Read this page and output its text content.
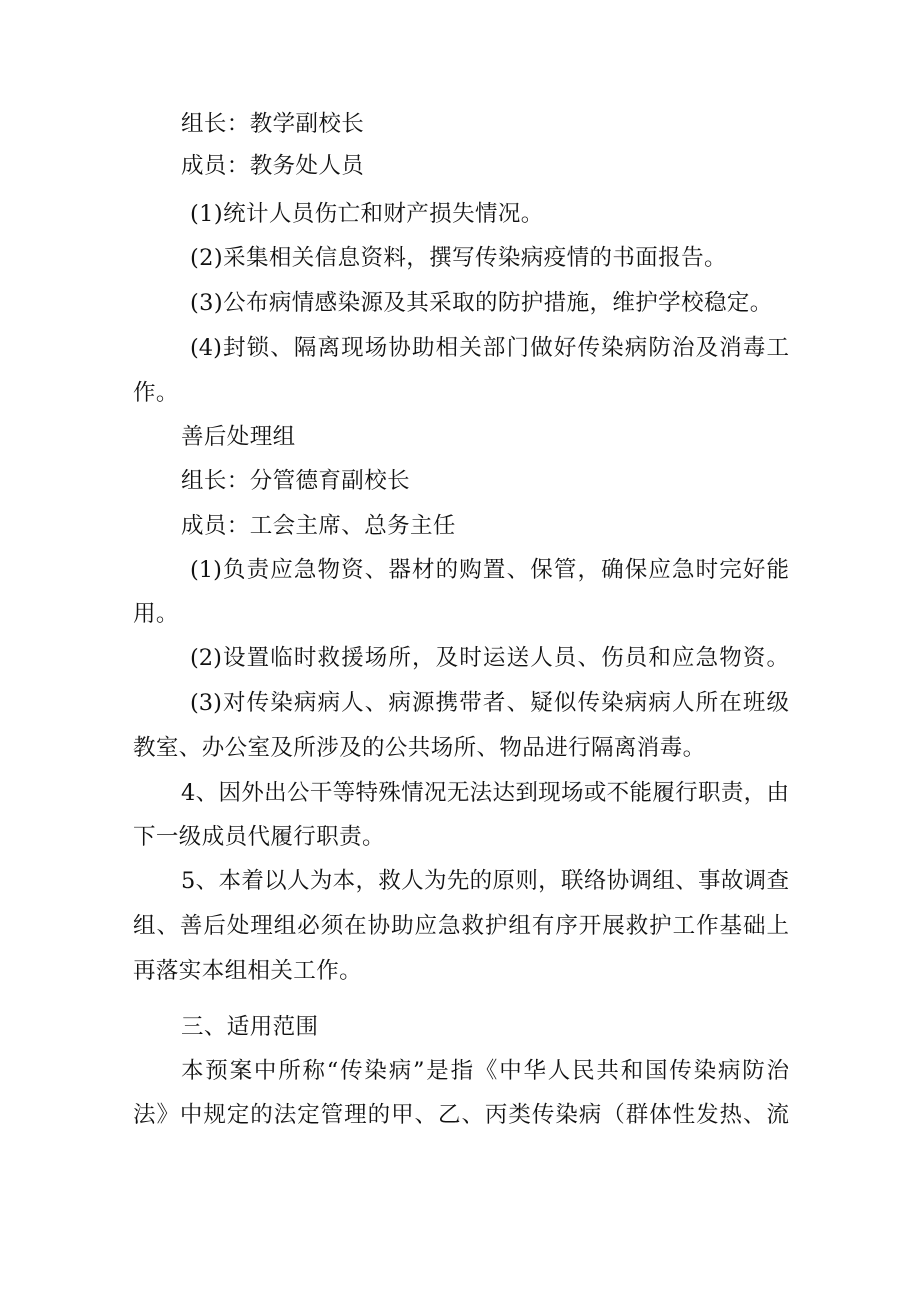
组长：教学副校长
成员：教务处人员
(1)统计人员伤亡和财产损失情况。
(2)采集相关信息资料，撰写传染病疫情的书面报告。
(3)公布病情感染源及其采取的防护措施，维护学校稳定。
(4)封锁、隔离现场协助相关部门做好传染病防治及消毒工
作。
善后处理组
组长：分管德育副校长
成员：工会主席、总务主任
(1)负责应急物资、器材的购置、保管，确保应急时完好能
用。
(2)设置临时救援场所，及时运送人员、伤员和应急物资。
(3)对传染病病人、病源携带者、疑似传染病病人所在班级
教室、办公室及所涉及的公共场所、物品进行隔离消毒。
4、因外出公干等特殊情况无法达到现场或不能履行职责，由
下一级成员代履行职责。
5、本着以人为本，救人为先的原则，联络协调组、事故调查
组、善后处理组必须在协助应急救护组有序开展救护工作基础上
再落实本组相关工作。
三、适用范围
本预案中所称“传染病”是指《中华人民共和国传染病防治
法》中规定的法定管理的甲、乙、丙类传染病（群体性发热、流
